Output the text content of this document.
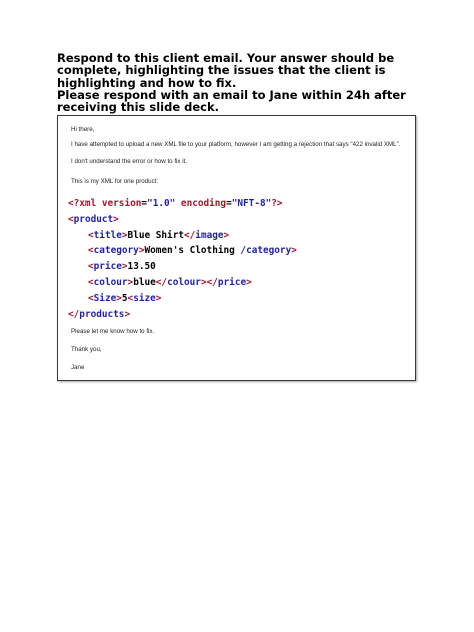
Respond to this client email. Your answer should be complete, highlighting the issues that the client is highlighting and how to fix.

Please respond with an email to Jane within 24h after receiving this slide deck.

Hi there,

I have attempted to upload a new XML file to your platform, however I am getting a rejection that says "422 invalid XML".

I don't understand the error or how to fix it.

This is my XML for one product:

<?xml version="1.0" encoding="NFT-8"?>
<product>
<title>Blue Shirt</image>
<category>Women's Clothing /category>
<price>13.50
<colour>blue</colour></price>
<Size>5<size>
</products>

Please let me know how to fix.

Thank you,

Jane
